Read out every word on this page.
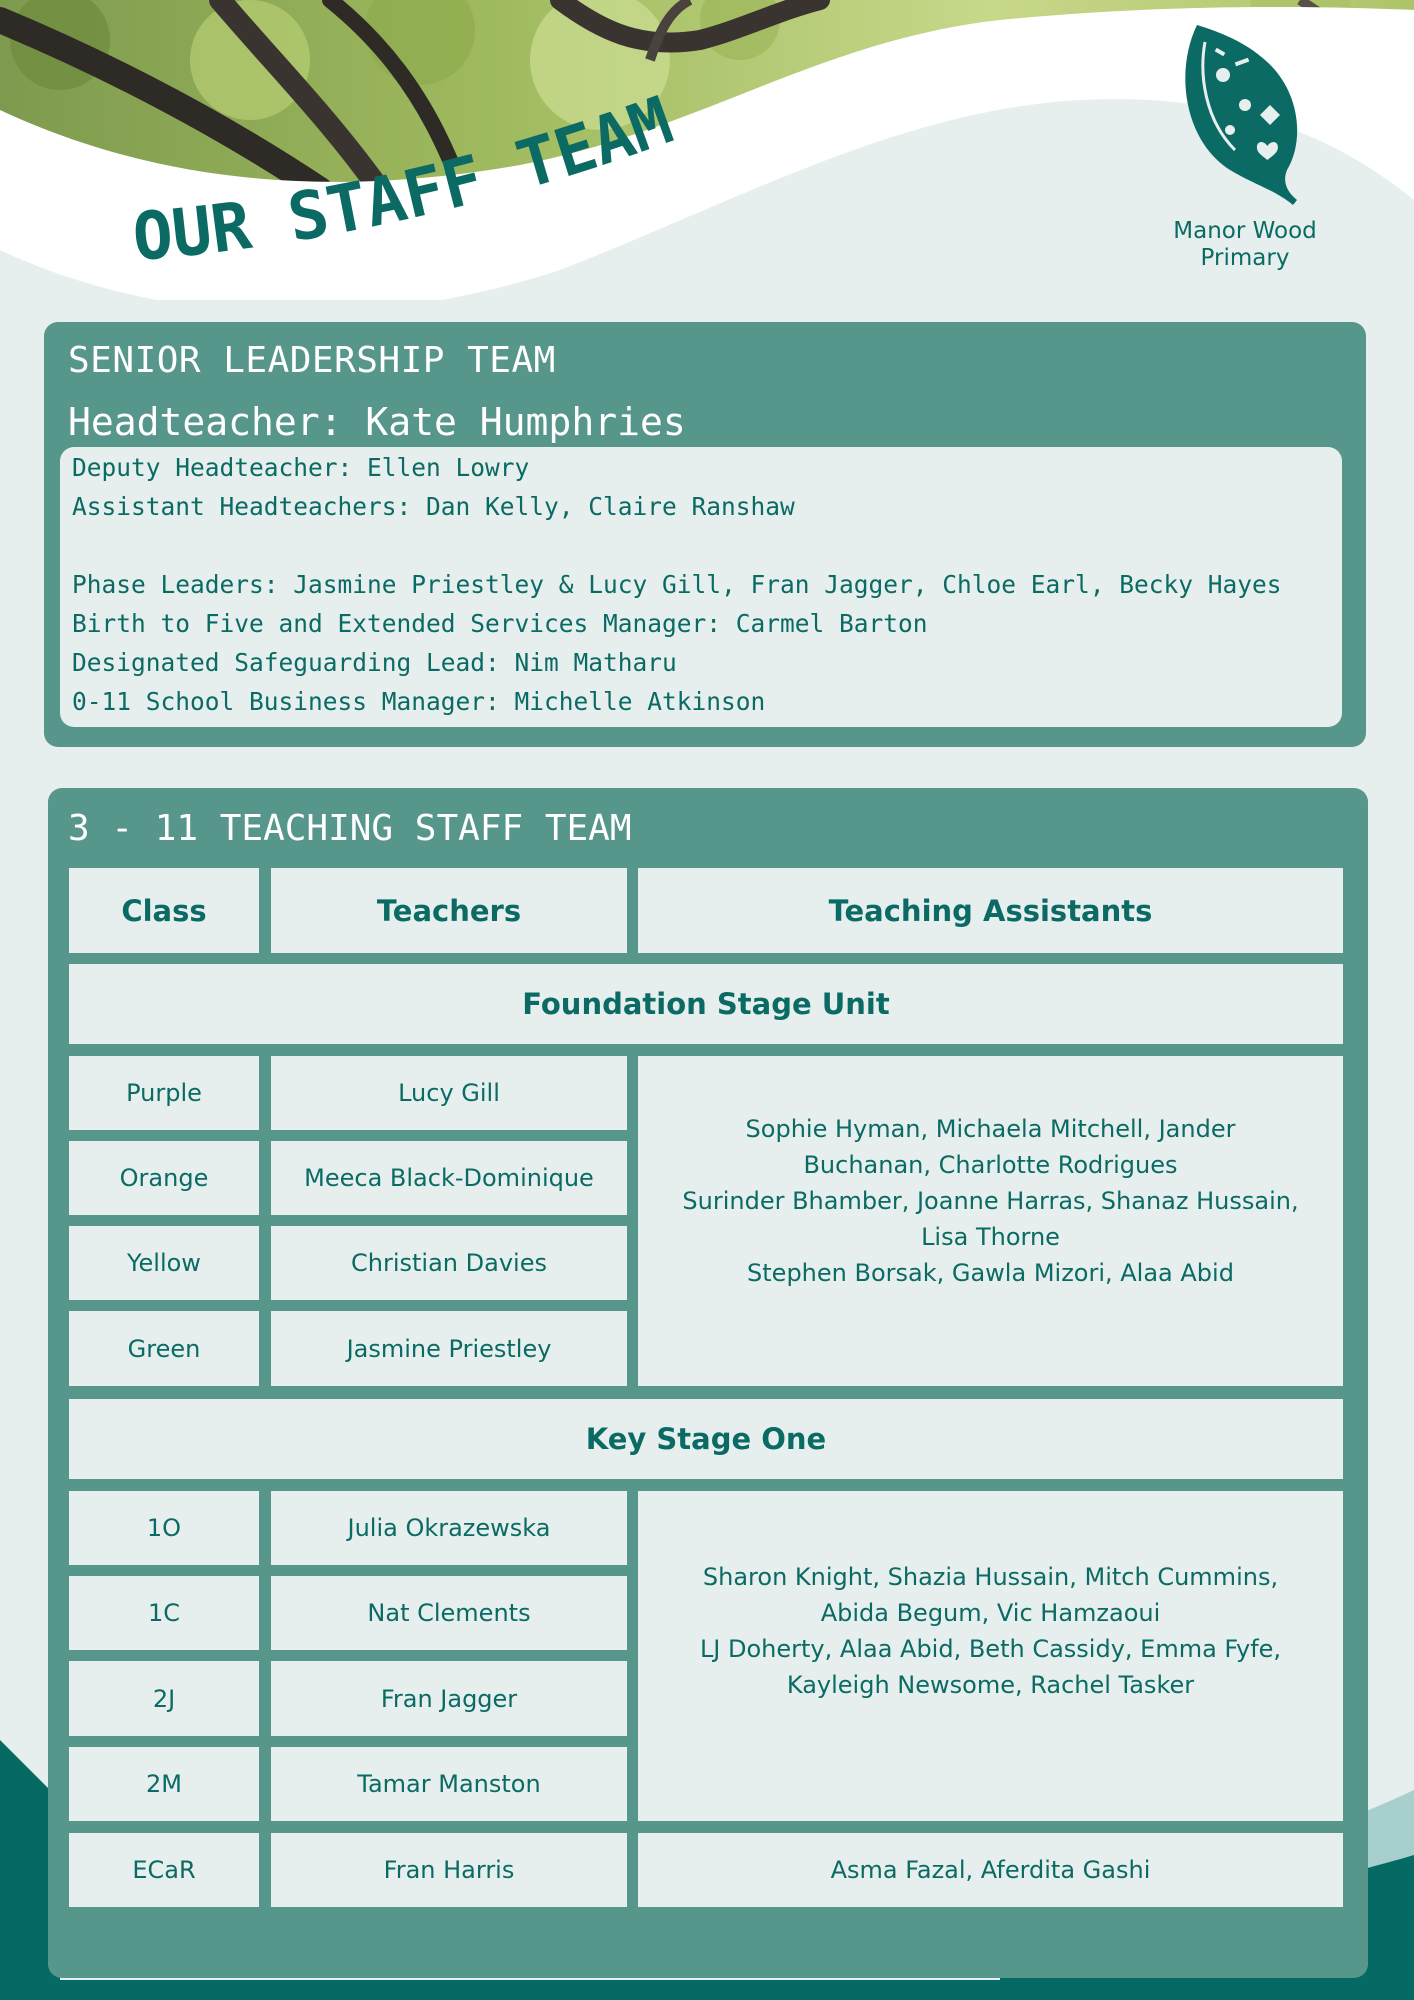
OUR STAFF TEAM
Manor Wood
Primary
SENIOR LEADERSHIP TEAM
Headteacher: Kate Humphries
Deputy Headteacher: Ellen Lowry
Assistant Headteachers: Dan Kelly, Claire Ranshaw
Phase Leaders: Jasmine Priestley & Lucy Gill, Fran Jagger, Chloe Earl, Becky Hayes
Birth to Five and Extended Services Manager: Carmel Barton
Designated Safeguarding Lead: Nim Matharu
0-11 School Business Manager: Michelle Atkinson
3 - 11 TEACHING STAFF TEAM
Class	Teachers	Teaching Assistants
Foundation Stage Unit
Purple	Lucy Gill
Orange	Meeca Black-Dominique
Yellow	Christian Davies
Green	Jasmine Priestley
Sophie Hyman, Michaela Mitchell, Jander
Buchanan, Charlotte Rodrigues
Surinder Bhamber, Joanne Harras, Shanaz Hussain,
Lisa Thorne
Stephen Borsak, Gawla Mizori, Alaa Abid
Key Stage One
1O	Julia Okrazewska
1C	Nat Clements
2J	Fran Jagger
2M	Tamar Manston
Sharon Knight, Shazia Hussain, Mitch Cummins,
Abida Begum, Vic Hamzaoui
LJ Doherty, Alaa Abid, Beth Cassidy, Emma Fyfe,
Kayleigh Newsome, Rachel Tasker
ECaR	Fran Harris	Asma Fazal, Aferdita Gashi
